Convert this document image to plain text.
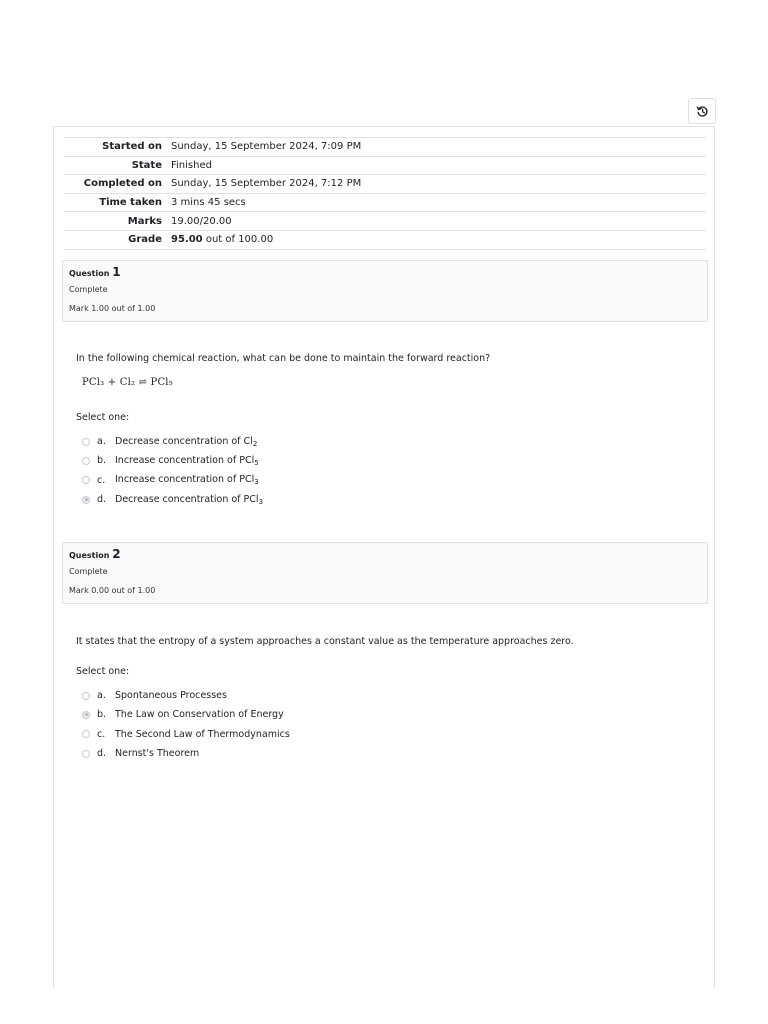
Started on	Sunday, 15 September 2024, 7:09 PM
State	Finished
Completed on	Sunday, 15 September 2024, 7:12 PM
Time taken	3 mins 45 secs
Marks	19.00/20.00
Grade	95.00 out of 100.00
Question 1
Complete
Mark 1.00 out of 1.00
In the following chemical reaction, what can be done to maintain the forward reaction?
PCl₃ + Cl₂ ⇌ PCl₅
Select one:
a. Decrease concentration of $Cl_2$
b. Increase concentration of PCl$_5$
c.	Increase concentration of PCl$_3$
d. Decrease concentration of PCl$_3$
Question 2
Complete
Mark 0.00 out of 1.00
It states that the entropy of a system approaches a constant value as the temperature approaches zero.
Select one:
a. Spontaneous Processes
b. The Law on Conservation of Energy
c.	The Second Law of Thermodynamics
d. Nernst's Theorem
